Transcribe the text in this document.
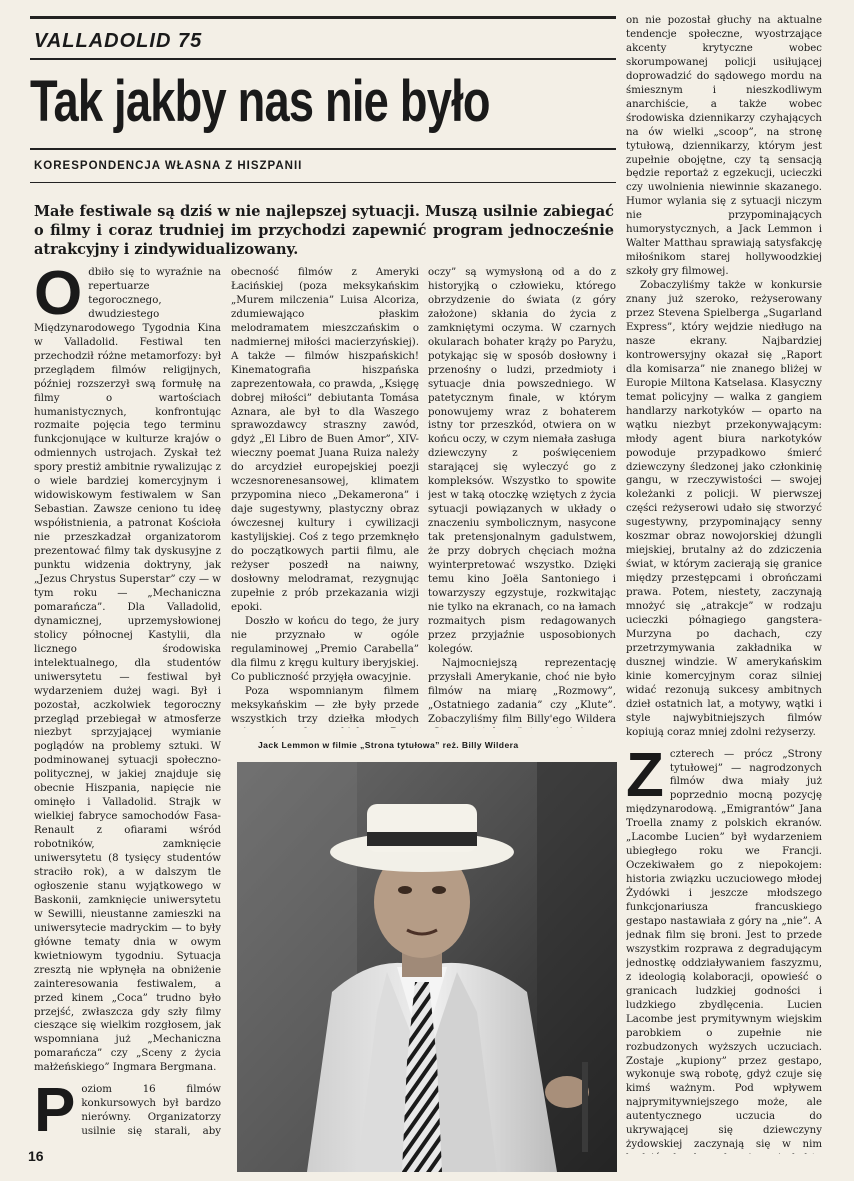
VALLADOLID 75
Tak jakby nas nie było
KORESPONDENCJA WŁASNA Z HISZPANII
Małe festiwale są dziś w nie najlepszej sytuacji. Muszą usilnie zabiegać o filmy i coraz trudniej im przychodzi zapewnić program jednocześnie atrakcyjny i zindywidualizowany.

Odbiło się to wyraźnie na repertuarze tegorocznego, dwudziestego Międzynarodowego Tygodnia Kina w Valladolid. Festiwal ten przechodził różne metamorfozy: był przeglądem filmów religijnych, później rozszerzył swą formułę na filmy o wartościach humanistycznych, konfrontując rozmaite pojęcia tego terminu funkcjonujące w kulturze krajów o odmiennych ustrojach. Zyskał też spory prestiż ambitnie rywalizując z o wiele bardziej komercyjnym i widowiskowym festiwalem w San Sebastian. Zawsze ceniono tu ideę współistnienia, a patronat Kościoła nie przeszkadzał organizatorom prezentować filmy tak dyskusyjne z punktu widzenia doktryny, jak „Jezus Chrystus Superstar” czy — w tym roku — „Mechaniczna pomarańcza”. Dla Valladolid, dynamicznej, uprzemysłowionej stolicy północnej Kastylii, dla licznego środowiska intelektualnego, dla studentów uniwersytetu — festiwal był wydarzeniem dużej wagi. Był i pozostał, aczkolwiek tegoroczny przegląd przebiegał w atmosferze niezbyt sprzyjającej wymianie poglądów na problemy sztuki. W podminowanej sytuacji społeczno-politycznej, w jakiej znajduje się obecnie Hiszpania, napięcie nie ominęło i Valladolid. Strajk w wielkiej fabryce samochodów Fasa-Renault z ofiarami wśród robotników, zamknięcie uniwersytetu (8 tysięcy studentów straciło rok), a w dalszym tle ogłoszenie stanu wyjątkowego w Baskonii, zamknięcie uniwersytetu w Sewilli, nieustanne zamieszki na uniwersytecie madryckim — to były główne tematy dnia w owym kwietniowym tygodniu. Sytuacja zresztą nie wpłynęła na obniżenie zainteresowania festiwalem, a przed kinem „Coca” trudno było przejść, zwłaszcza gdy szły filmy cieszące się wielkim rozgłosem, jak wspomniana już „Mechaniczna pomarańcza” czy „Sceny z życia małżeńskiego” Ingmara Bergmana.

Poziom 16 filmów konkursowych był bardzo nierówny. Organizatorzy usilnie się starali, aby

obecność filmów z Ameryki Łacińskiej (poza meksykańskim „Murem milczenia” Luisa Alcoriza, zdumiewająco płaskim melodramatem mieszczańskim o nadmiernej miłości macierzyńskiej). A także — filmów hiszpańskich! Kinematografia hiszpańska zaprezentowała, co prawda, „Księgę dobrej miłości” debiutanta Tomása Aznara, ale był to dla Waszego sprawozdawcy straszny zawód, gdyż „El Libro de Buen Amor”, XIV-wieczny poemat Juana Ruiza należy do arcydzieł europejskiej poezji wczesnorenesansowej, klimatem przypomina nieco „Dekamerona” i daje sugestywny, plastyczny obraz ówczesnej kultury i cywilizacji kastylijskiej. Coś z tego przemknęło do początkowych partii filmu, ale reżyser poszedł na naiwny, dosłowny melodramat, rezygnując zupełnie z prób przekazania wizji epoki.

Doszło w końcu do tego, że jury nie przyznało w ogóle regulaminowej „Premio Carabella” dla filmu z kręgu kultury iberyjskiej. Co publiczność przyjęła owacyjnie.

Poza wspomnianym filmem meksykańskim — złe były przede wszystkich trzy dziełka młodych

oczy” są wymysłoną od a do z historyjką o człowieku, którego obrzydzenie do świata (z góry założone) skłania do życia z zamkniętymi oczyma. W czarnych okularach bohater krąży po Paryżu, potykając się w sposób dosłowny i przenośny o ludzi, przedmioty i sytuacje dnia powszedniego. W patetycznym finale, w którym ponowujemy wraz z bohaterem istny tor przeszkód, otwiera on w końcu oczy, w czym niemała zasługa dziewczyny z poświęceniem starającej się wyleczyć go z kompleksów. Wszystko to spowite jest w taką otoczkę wziętych z życia sytuacji powiązanych w układy o znaczeniu symbolicznym, nasycone tak pretensjonalnym gadulstwem, że przy dobrych chęciach można wyinterpretować wszystko. Dzięki temu kino Joëla Santoniego i towarzyszy egzystuje, rozkwitając nie tylko na ekranach, co na łamach rozmaitych pism redagowanych przez przyjaźnie usposobionych kolegów.

Najmocniejszą reprezentację przysłali Amerykanie, choć nie było filmów na miarę „Rozmowy”, „Ostatniego zadania” czy „Klute”. Zobaczyliśmy film Billy'ego Wildera

on nie pozostał głuchy na aktualne tendencje społeczne, wyostrzające akcenty krytyczne wobec skorumpowanej policji usiłującej doprowadzić do sądowego mordu na śmiesznym i nieszkodliwym anarchiście, a także wobec środowiska dziennikarzy czyhających na ów wielki „scoop”, na stronę tytułową, dziennikarzy, którym jest zupełnie obojętne, czy tą sensacją będzie reportaż z egzekucji, ucieczki czy uwolnienia niewinnie skazanego. Humor wylania się z sytuacji niczym nie przypominających humorystycznych, a Jack Lemmon i Walter Matthau sprawiają satysfakcję miłośnikom starej hollywoodzkiej szkoły gry filmowej.

Zobaczyliśmy także w konkursie znany już szeroko, reżyserowany przez Stevena Spielberga „Sugarland Express”, który wejdzie niedługo na nasze ekrany. Najbardziej kontrowersyjny okazał się „Raport dla komisarza” nie znanego bliżej w Europie Miltona Katselasa. Klasyczny temat policyjny — walka z gangiem handlarzy narkotyków — oparto na wątku niezbyt przekonywającym: młody agent biura narkotyków powoduje przypadkowo śmierć dziewczyny śledzonej jako członkinię gangu, w rzeczywistości — swojej koleżanki z policji. W pierwszej części reżyserowi udało się stworzyć sugestywny, przypominający senny koszmar obraz nowojorskiej dżungli miejskiej, brutalny aż do zdziczenia świat, w którym zacierają się granice między przestępcami i obrończami prawa. Potem, niestety, zaczynają mnożyć się „atrakcje” w rodzaju ucieczki półnagiego gangstera-Murzyna po dachach, czy przetrzymywania zakładnika w dusznej windzie. W amerykańskim kinie komercyjnym coraz silniej widać rezonują sukcesy ambitnych dzieł ostatnich lat, a motywy, wątki i style najwybitniejszych filmów kopiują coraz mniej zdolni reżyserzy.

Zczterech — prócz „Strony tytułowej” — nagrodzonych filmów dwa miały już poprzednio mocną pozycję międzynarodową. „Emigrantów” Jana Troella znamy z polskich ekranów. „Lacombe Lucien” był wydarzeniem ubiegłego roku we Francji. Oczekiwałem go z niepokojem: historia związku uczuciowego młodej Żydówki i jeszcze młodszego funkcjonariusza francuskiego gestapo nastawiała z góry na „nie”. A jednak film się broni. Jest to przede wszystkim rozprawa z degradującym jednostkę oddziaływaniem faszyzmu, z ideologią kolaboracji, opowieść o granicach ludzkiej godności i ludzkiego zbydlęcenia. Lucien Lacombe jest prymitywnym wiejskim parobkiem o zupełnie nie rozbudzonych wyższych uczuciach. Zostaje „kupiony” przez gestapo, wykonuje swą robotę, gdyż czuje się kimś ważnym. Pod wpływem najprymitywniejszego może, ale autentycznego uczucia do ukrywającej się dziewczyny żydowskiej zaczynają się w nim

Jack Lemmon w filmie „Strona tytułowa” reż. Billy Wildera
16
